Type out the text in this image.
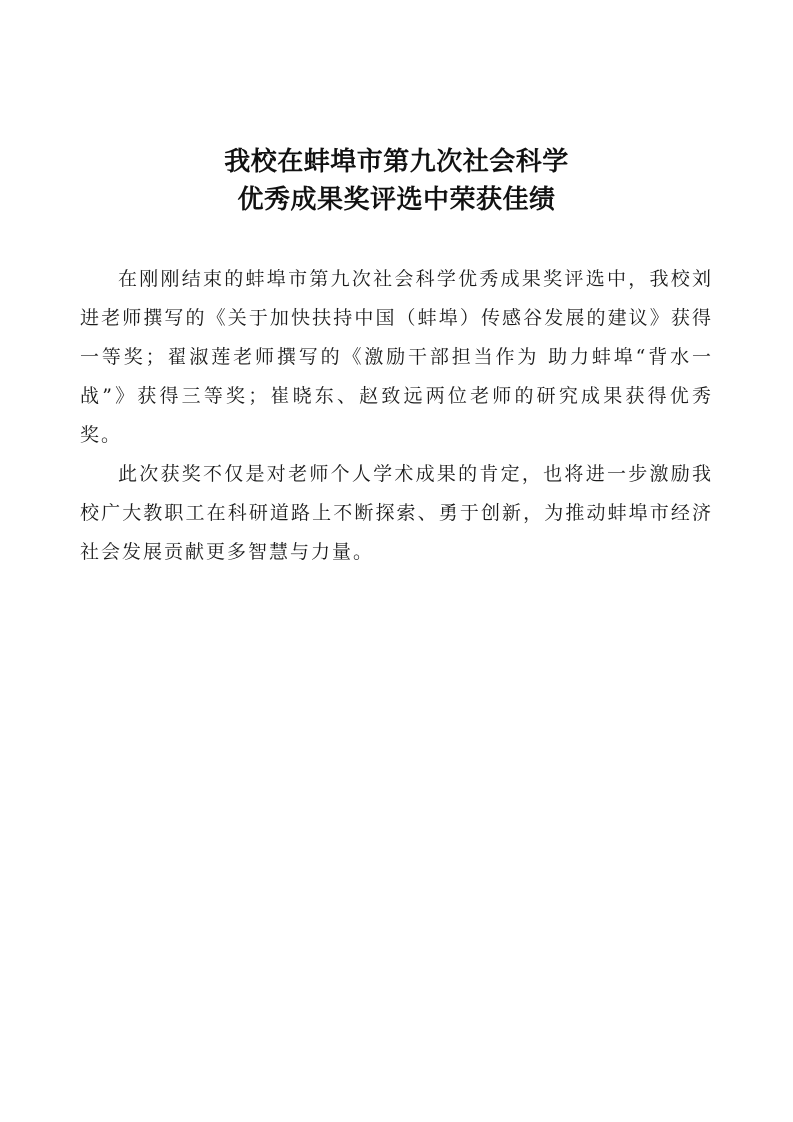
我校在蚌埠市第九次社会科学
优秀成果奖评选中荣获佳绩

在刚刚结束的蚌埠市第九次社会科学优秀成果奖评选中，我校刘进老师撰写的《关于加快扶持中国（蚌埠）传感谷发展的建议》获得一等奖；翟淑莲老师撰写的《激励干部担当作为 助力蚌埠“背水一战”》获得三等奖；崔晓东、赵致远两位老师的研究成果获得优秀奖。

此次获奖不仅是对老师个人学术成果的肯定，也将进一步激励我校广大教职工在科研道路上不断探索、勇于创新，为推动蚌埠市经济社会发展贡献更多智慧与力量。
